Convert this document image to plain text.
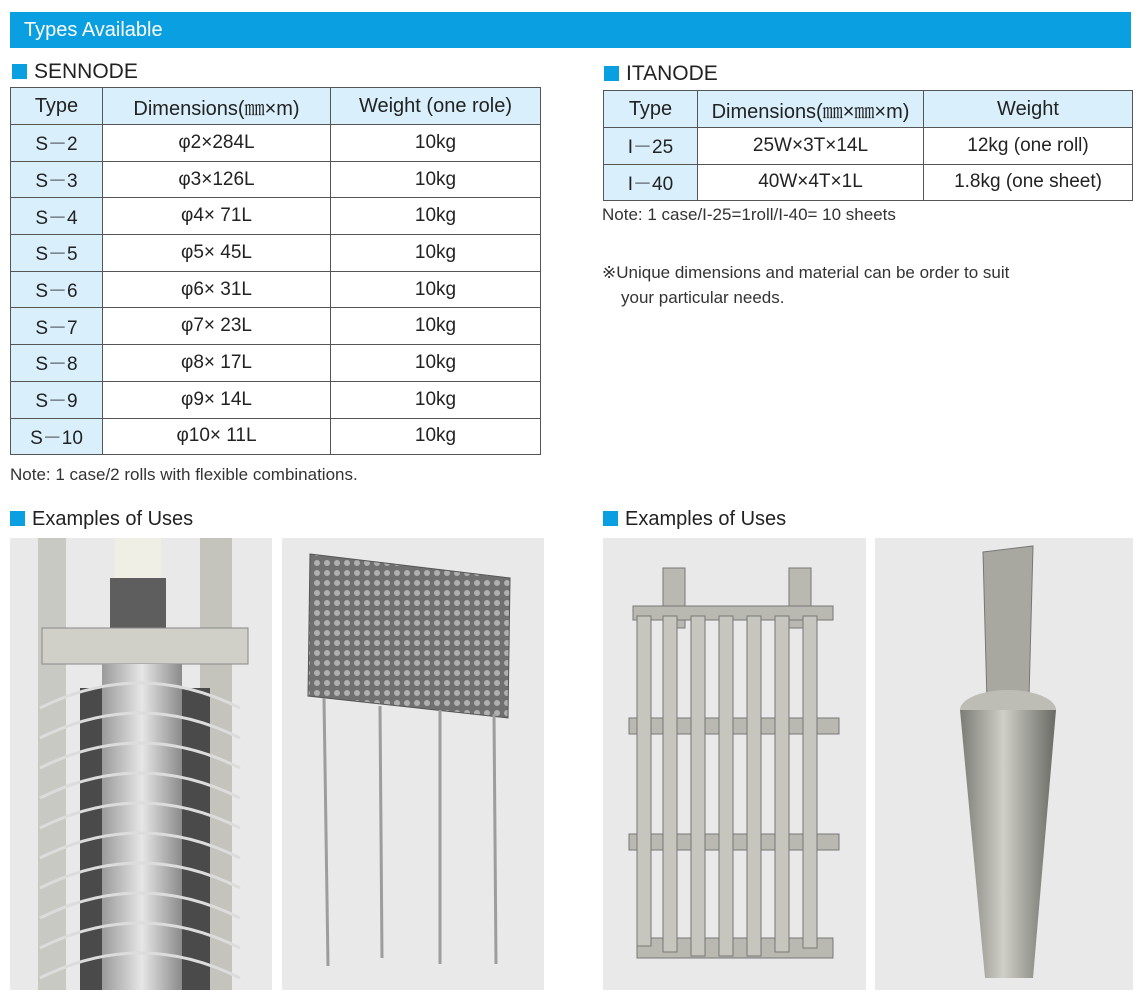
Types Available
SENNODE
Type	Dimensions(㎜×m)	Weight (one role)
S－2	φ2×284L	10kg
S－3	φ3×126L	10kg
S－4	φ4× 71L	10kg
S－5	φ5× 45L	10kg
S－6	φ6× 31L	10kg
S－7	φ7× 23L	10kg
S－8	φ8× 17L	10kg
S－9	φ9× 14L	10kg
S－10	φ10× 11L	10kg
Note: 1 case/2 rolls with flexible combinations.
ITANODE
Type	Dimensions(㎜×㎜×m)	Weight
I－25	25W×3T×14L	12kg (one roll)
I－40	40W×4T×1L	1.8kg (one sheet)
Note: 1 case/I-25=1roll/I-40= 10 sheets
※Unique dimensions and material can be order to suit
your particular needs.
Examples of Uses	Examples of Uses
